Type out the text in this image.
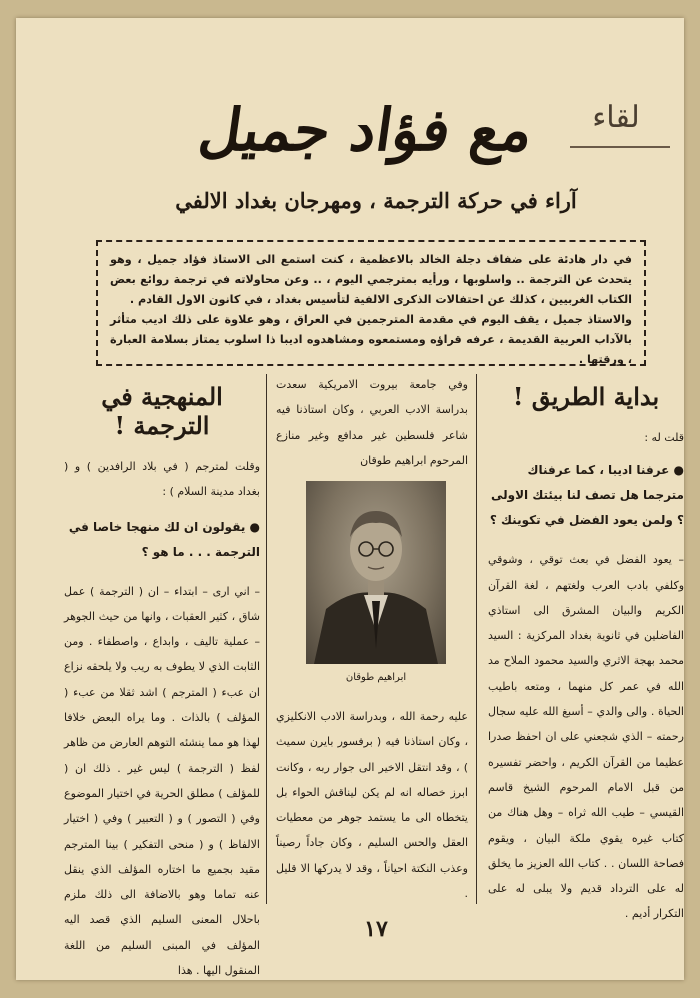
لقاء
مع فؤاد جميل
آراء في حركة الترجمة ، ومهرجان بغداد الالفي

في دار هادئة على ضفاف دجلة الخالد بالاعظمية ، كنت استمع الى الاستاذ فؤاد جميل ، وهو يتحدث عن الترجمة .. واسلوبها ، ورأيه بمترجمي اليوم ، .. وعن محاولاته في ترجمة روائع بعض الكتاب الغربيين ، كذلك عن احتفالات الذكرى الالفية لتأسيس بغداد ، في كانون الاول القادم .

والاستاذ جميل ، يقف اليوم في مقدمة المترجمين في العراق ، وهو علاوة على ذلك اديب متأثر بالآداب العربية القديمة ، عرفه قراؤه ومستمعوه ومشاهدوه اديبا ذا اسلوب يمتاز بسلامة العبارة ، ورقتها .

بداية الطريق !

قلت له :

● عرفنا اديبا ، كما عرفناك مترجما هل تصف لنا بيئتك الاولى ؟ ولمن يعود الفضل في تكوينك ؟

– يعود الفضل في بعث توقي ، وشوقي وكلفي بادب العرب ولغتهم ، لغة القرآن الكريم والبيان المشرق الى استاذي الفاضلين في ثانوية بغداد المركزية : السيد محمد بهجة الاثري والسيد محمود الملاح مد الله في عمر كل منهما ، ومتعه باطيب الحياة . والى والدي – أسبغ الله عليه سجال رحمته – الذي شجعني على ان احفظ صدرا عظيما من القرآن الكريم ، واحضر تفسيره من قبل الامام المرحوم الشيخ قاسم القيسي – طيب الله ثراه – وهل هناك من كتاب غيره يقوي ملكة البيان ، ويقوم فصاحة اللسان . . كتاب الله العزيز ما يخلق له على الترداد قديم ولا يبلى له على التكرار أديم .

وفي جامعة بيروت الامريكية سعدت بدراسة الادب العربي ، وكان استاذنا فيه شاعر فلسطين غير مدافع وغير منازع المرحوم ابراهيم طوقان

ابراهيم طوقان

عليه رحمة الله ، وبدراسة الادب الانكليزي ، وكان استاذنا فيه ( برفسور بايرن سميث ) ، وقد انتقل الاخير الى جوار ربه ، وكانت ابرز خصاله انه لم يكن ليناقش الحواء بل يتخطاه الى ما يستمد جوهر من معطيات العقل والحس السليم ، وكان جاداً رصيناً وعذب النكتة احياناً ، وقد لا يدركها الا قليل .

المنهجية في الترجمة !

وقلت لمترجم ( في بلاد الرافدين ) و ( بغداد مدينة السلام ) :

● يقولون ان لك منهجا خاصا في الترجمة . . . ما هو ؟

– اني ارى – ابتداء – ان ( الترجمة ) عمل شاق ، كثير العقبات ، وانها من حيث الجوهر – عملية تاليف ، وابداع ، واصطفاء . ومن الثابت الذي لا يطوف به ريب ولا يلحقه نزاع ان عبء ( المترجم ) اشد ثقلا من عبء ( المؤلف ) بالذات . وما يراه البعض خلافا لهذا هو مما ينشئه التوهم العارض من ظاهر لفظ ( الترجمة ) ليس غير . ذلك ان ( للمؤلف ) مطلق الحرية في اختيار الموضوع وفي ( التصور ) و ( التعبير ) وفي ( اختيار الالفاظ ) و ( منحى التفكير ) بينا المترجم مقيد بجميع ما اختاره المؤلف الذي ينقل عنه تماما وهو بالاضافة الى ذلك ملزم باحلال المعنى السليم الذي قصد اليه المؤلف في المبنى السليم من اللغة المنقول اليها . هذا

١٧
